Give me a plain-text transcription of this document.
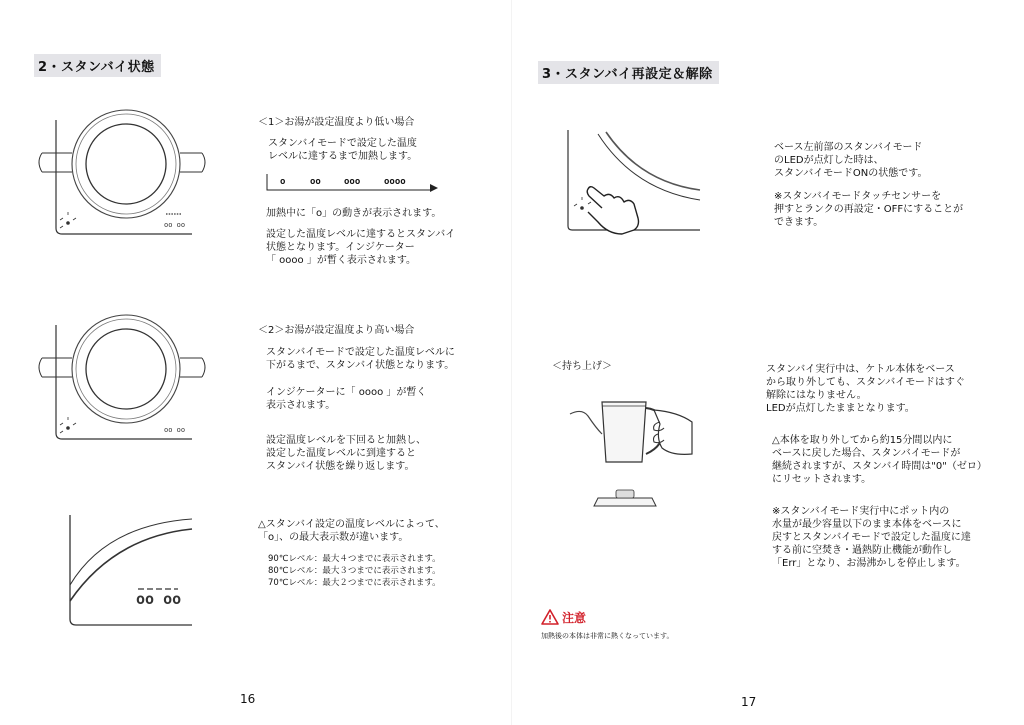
2・スタンバイ状態
oo oo
＜1＞お湯が設定温度より低い場合
スタンバイモードで設定した温度
レベルに達するまで加熱します。
o	oo	ooo	oooo
加熱中に「o」の動きが表示されます。
設定した温度レベルに達するとスタンバイ
状態となります。インジケーター
「 oooo 」が暫く表示されます。
oo oo
＜2＞お湯が設定温度より高い場合
スタンバイモードで設定した温度レベルに
下がるまで、スタンバイ状態となります。
インジケーターに「 oooo 」が暫く
表示されます。
設定温度レベルを下回ると加熱し、
設定した温度レベルに到達すると
スタンバイ状態を繰り返します。
oo oo
△スタンバイ設定の温度レベルによって、
「o」、の最大表示数が違います。
90℃レベル：最大４つまでに表示されます。
80℃レベル：最大３つまでに表示されます。
70℃レベル：最大２つまでに表示されます。
16
3・スタンバイ再設定＆解除
ベース左前部のスタンバイモード
のLEDが点灯した時は、
スタンバイモードONの状態です。
※スタンバイモードタッチセンサーを
押すとランクの再設定・OFFにすることが
できます。
＜持ち上げ＞	スタンバイ実行中は、ケトル本体をベース
から取り外しても、スタンバイモードはすぐ
解除にはなりません。
LEDが点灯したままとなります。
△本体を取り外してから約15分間以内に
ベースに戻した場合、スタンバイモードが
継続されますが、スタンバイ時間は"0"（ゼロ）
にリセットされます。
※スタンバイモード実行中にポット内の
水量が最少容量以下のまま本体をベースに
戻すとスタンバイモードで設定した温度に達
する前に空焚き・過熱防止機能が動作し
「Err」となり、お湯沸かしを停止します。
注意
加熱後の本体は非常に熱くなっています。
17
